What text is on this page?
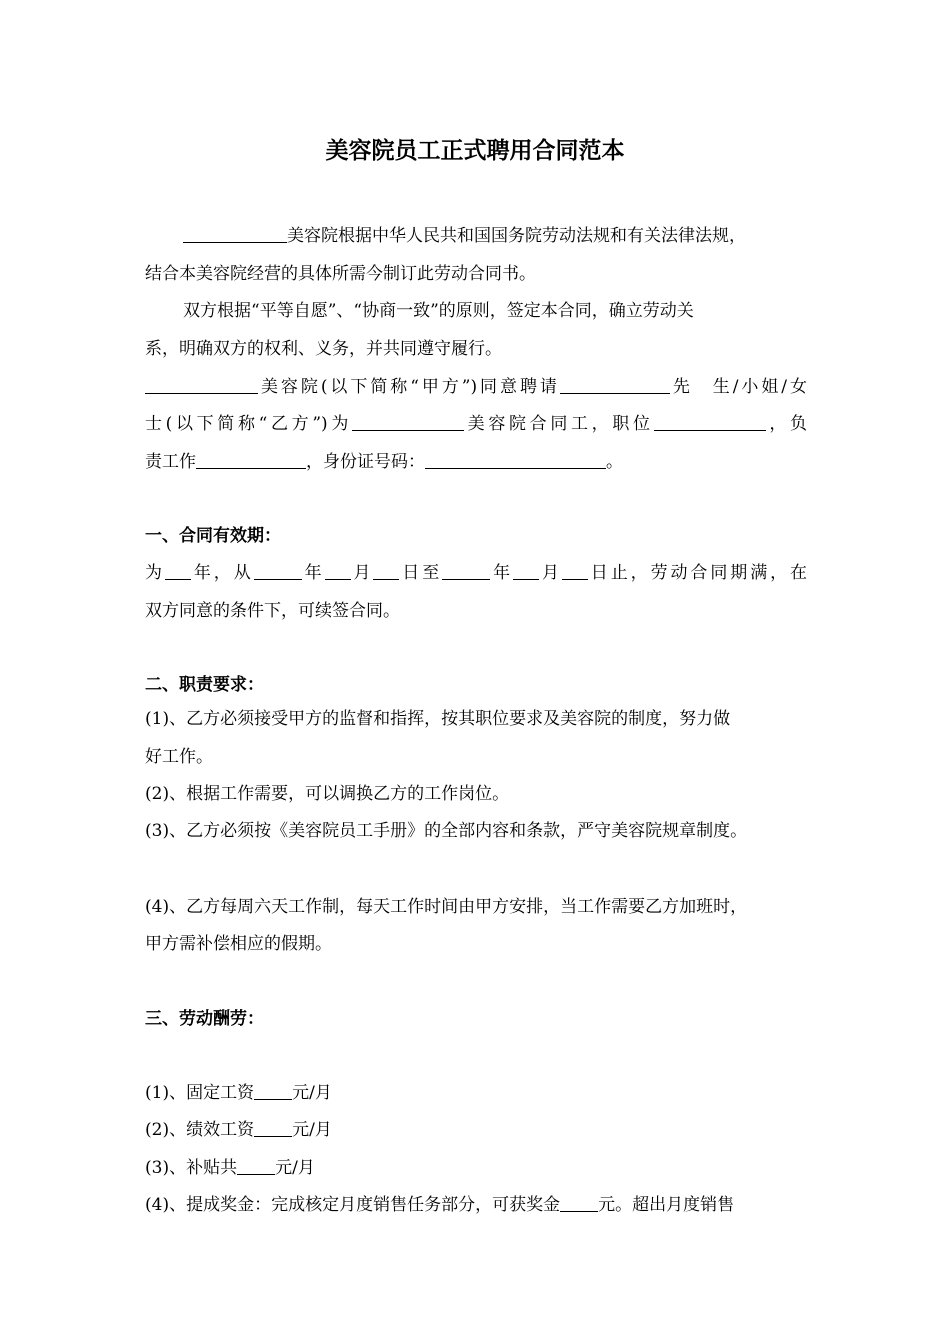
美容院员工正式聘用合同范本
美容院根据中华人民共和国国务院劳动法规和有关法律法规，
结合本美容院经营的具体所需今制订此劳动合同书。
双方根据“平等自愿”、“协商一致”的原则，签定本合同，确立劳动关
系，明确双方的权利、义务，并共同遵守履行。
美容院(以下简称“甲方”)同意聘请	先　生/小姐/女
士(以下简称“乙方”)为	美容院合同工，职位	，负
责工作	，身份证号码：	。
一、合同有效期：
为 年，从	年 月 日至	年 月 日止，劳动合同期满，在
双方同意的条件下，可续签合同。
二、职责要求：
(1)、乙方必须接受甲方的监督和指挥，按其职位要求及美容院的制度，努力做
好工作。
(2)、根据工作需要，可以调换乙方的工作岗位。
(3)、乙方必须按《美容院员工手册》的全部内容和条款，严守美容院规章制度。
(4)、乙方每周六天工作制，每天工作时间由甲方安排，当工作需要乙方加班时，
甲方需补偿相应的假期。
三、劳动酬劳：
(1)、固定工资 元/月
(2)、绩效工资 元/月
(3)、补贴共 元/月
(4)、提成奖金：完成核定月度销售任务部分，可获奖金 元。超出月度销售
